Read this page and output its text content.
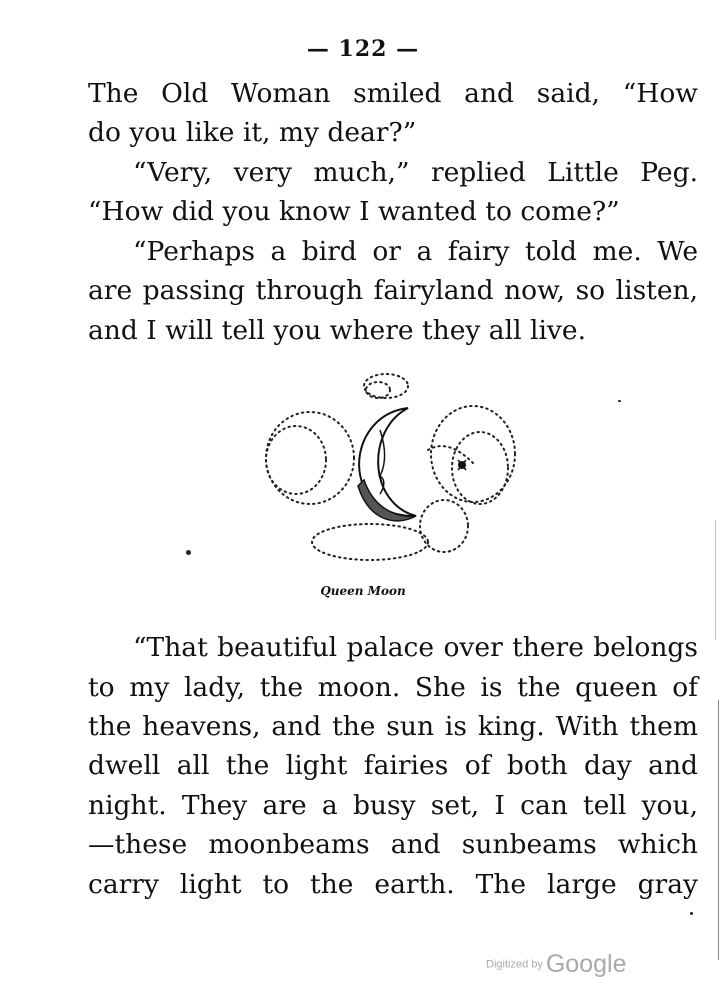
— 122 —
The Old Woman smiled and said, “How
do you like it, my dear?”
“Very, very much,” replied Little Peg.
“How did you know I wanted to come?”
“Perhaps a bird or a fairy told me. We
are passing through fairyland now, so listen,
and I will tell you where they all live.
Queen Moon
“That beautiful palace over there belongs
to my lady, the moon. She is the queen of
the heavens, and the sun is king. With them
dwell all the light fairies of both day and
night. They are a busy set, I can tell you,
—these moonbeams and sunbeams which
carry light to the earth. The large gray
Digitized by Google
